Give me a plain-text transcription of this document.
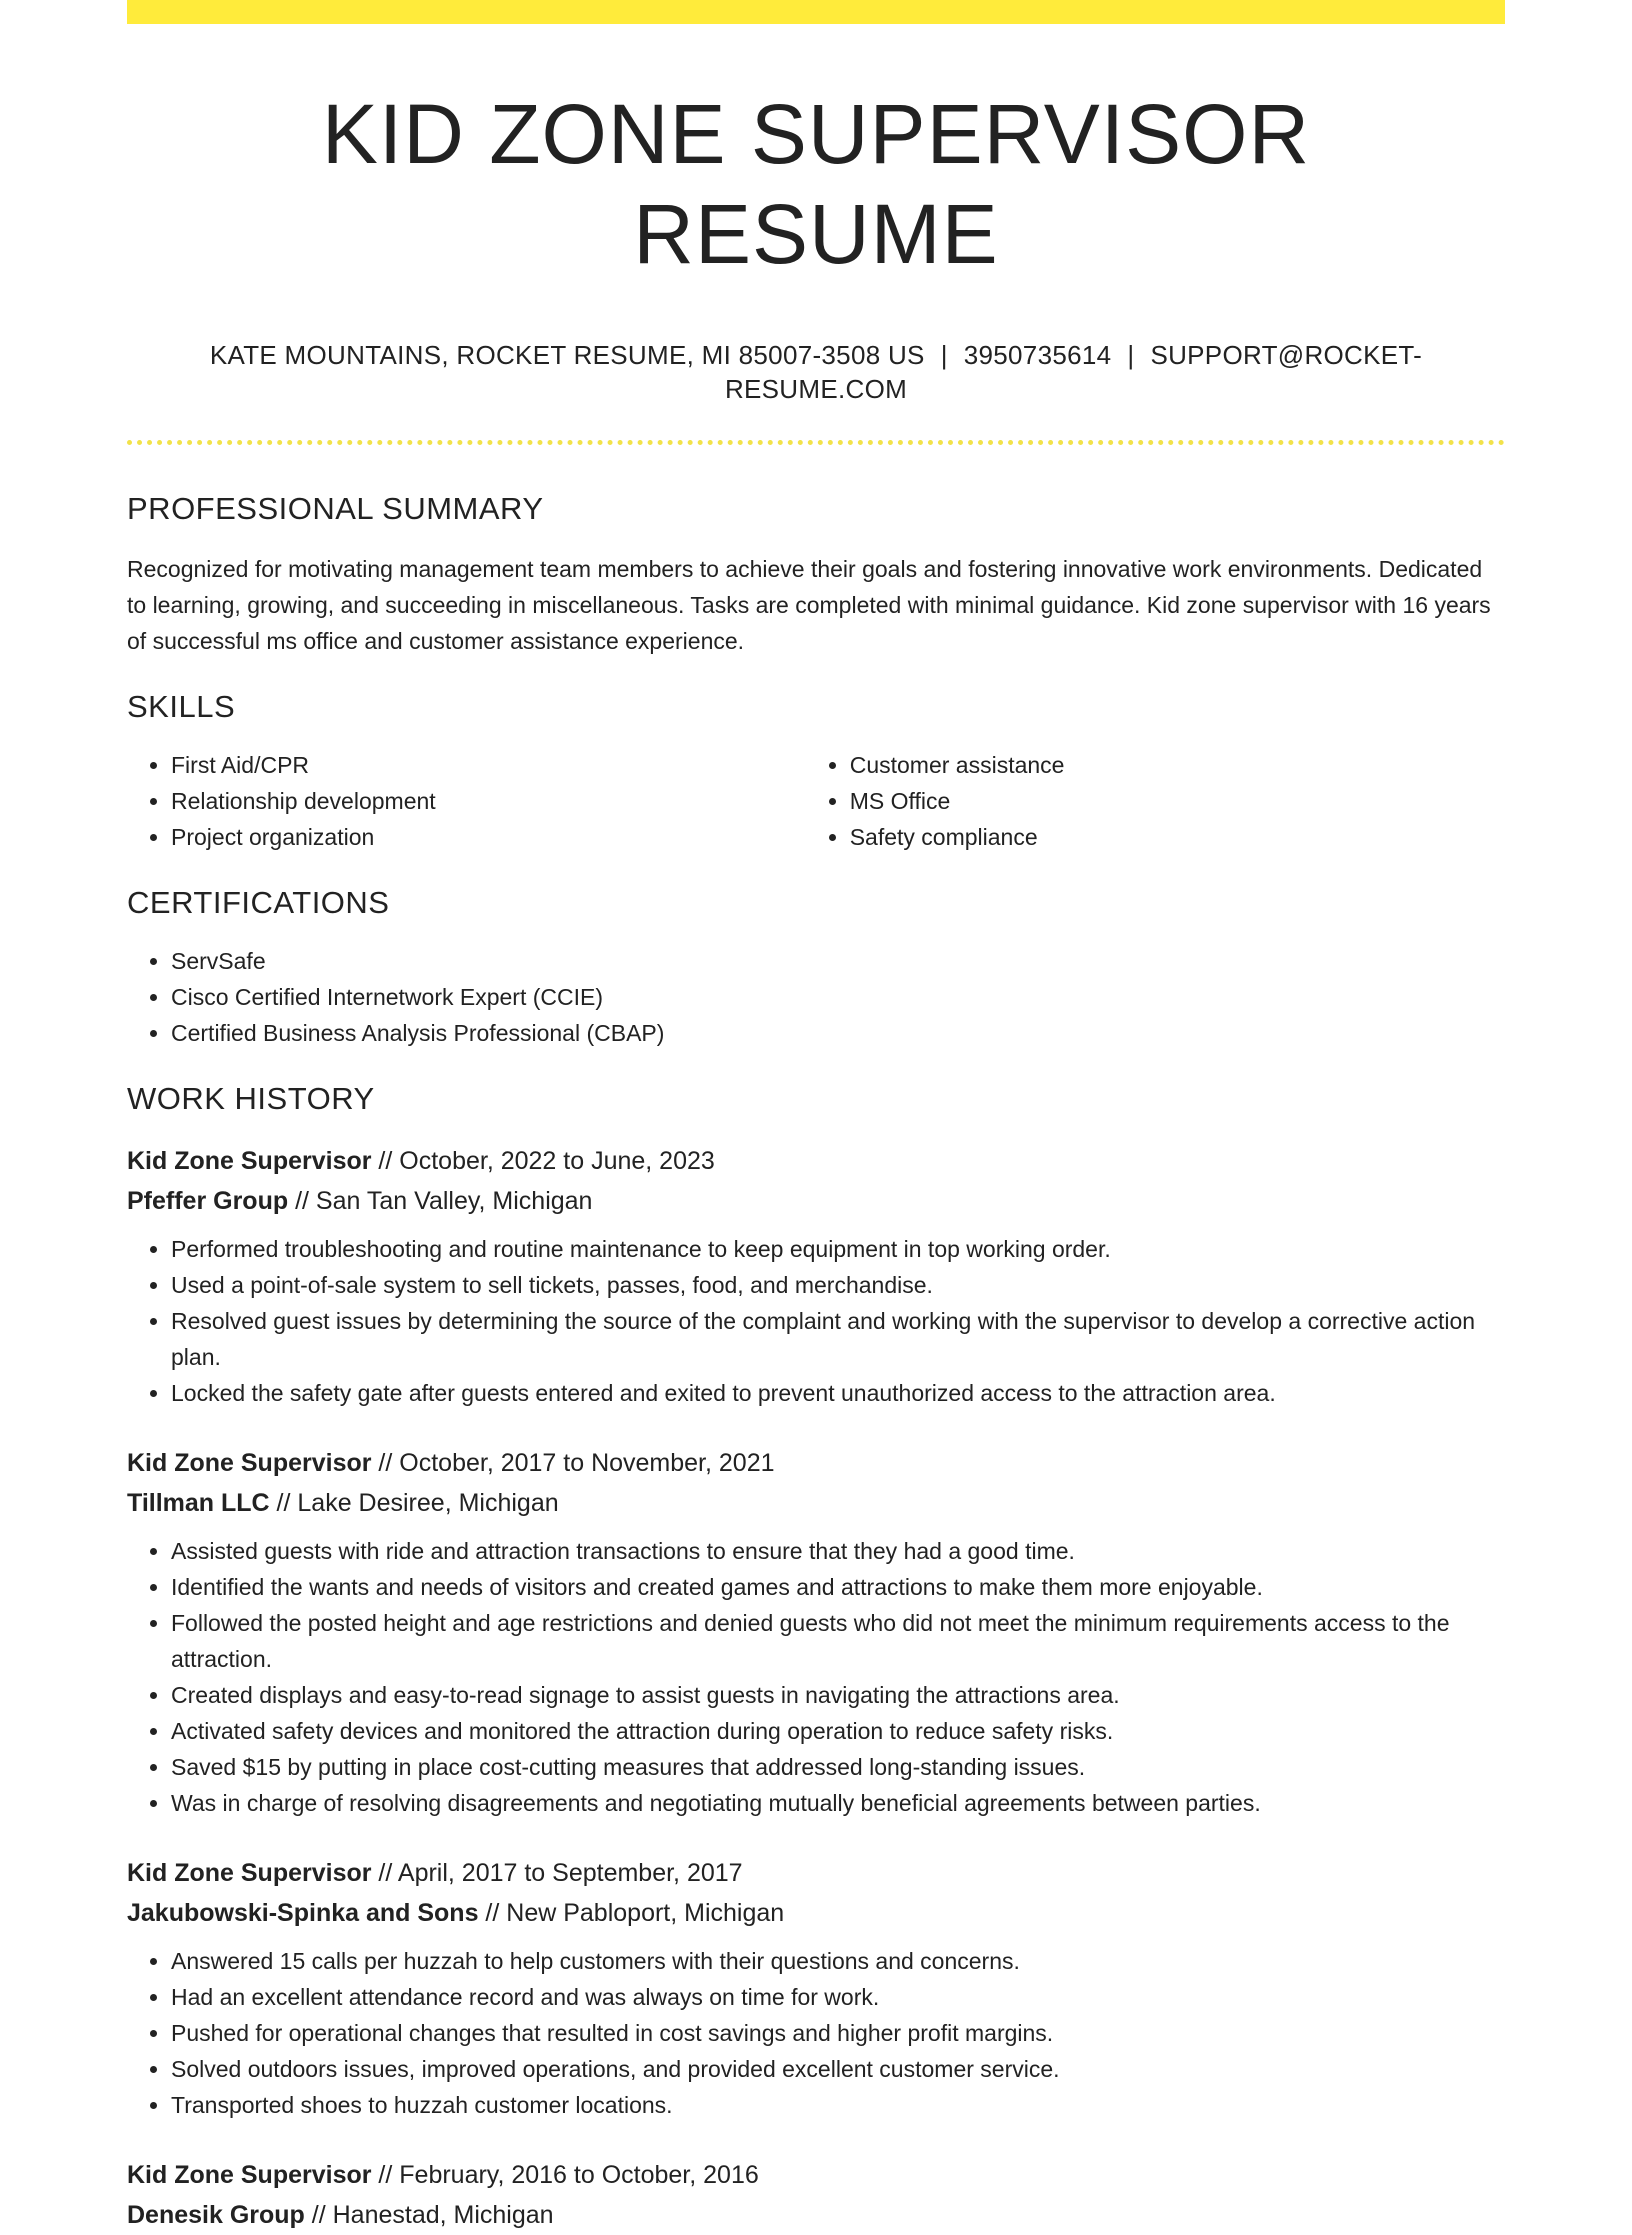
KID ZONE SUPERVISOR RESUME
KATE MOUNTAINS, ROCKET RESUME, MI 85007-3508 US | 3950735614 | SUPPORT@ROCKET-RESUME.COM
PROFESSIONAL SUMMARY

Recognized for motivating management team members to achieve their goals and fostering innovative work environments. Dedicated to learning, growing, and succeeding in miscellaneous. Tasks are completed with minimal guidance. Kid zone supervisor with 16 years of successful ms office and customer assistance experience.

SKILLS
• First Aid/CPR
• Relationship development
• Project organization
• Customer assistance
• MS Office
• Safety compliance
CERTIFICATIONS
• ServSafe
• Cisco Certified Internetwork Expert (CCIE)
• Certified Business Analysis Professional (CBAP)
WORK HISTORY
Kid Zone Supervisor // October, 2022 to June, 2023
Pfeffer Group // San Tan Valley, Michigan
• Performed troubleshooting and routine maintenance to keep equipment in top working order.
• Used a point-of-sale system to sell tickets, passes, food, and merchandise.
• Resolved guest issues by determining the source of the complaint and working with the supervisor to develop a corrective action plan.
• Locked the safety gate after guests entered and exited to prevent unauthorized access to the attraction area.
Kid Zone Supervisor // October, 2017 to November, 2021
Tillman LLC // Lake Desiree, Michigan
• Assisted guests with ride and attraction transactions to ensure that they had a good time.
• Identified the wants and needs of visitors and created games and attractions to make them more enjoyable.
• Followed the posted height and age restrictions and denied guests who did not meet the minimum requirements access to the attraction.
• Created displays and easy-to-read signage to assist guests in navigating the attractions area.
• Activated safety devices and monitored the attraction during operation to reduce safety risks.
• Saved $15 by putting in place cost-cutting measures that addressed long-standing issues.
• Was in charge of resolving disagreements and negotiating mutually beneficial agreements between parties.
Kid Zone Supervisor // April, 2017 to September, 2017
Jakubowski-Spinka and Sons // New Pabloport, Michigan
• Answered 15 calls per huzzah to help customers with their questions and concerns.
• Had an excellent attendance record and was always on time for work.
• Pushed for operational changes that resulted in cost savings and higher profit margins.
• Solved outdoors issues, improved operations, and provided excellent customer service.
• Transported shoes to huzzah customer locations.
Kid Zone Supervisor // February, 2016 to October, 2016
Denesik Group // Hanestad, Michigan
